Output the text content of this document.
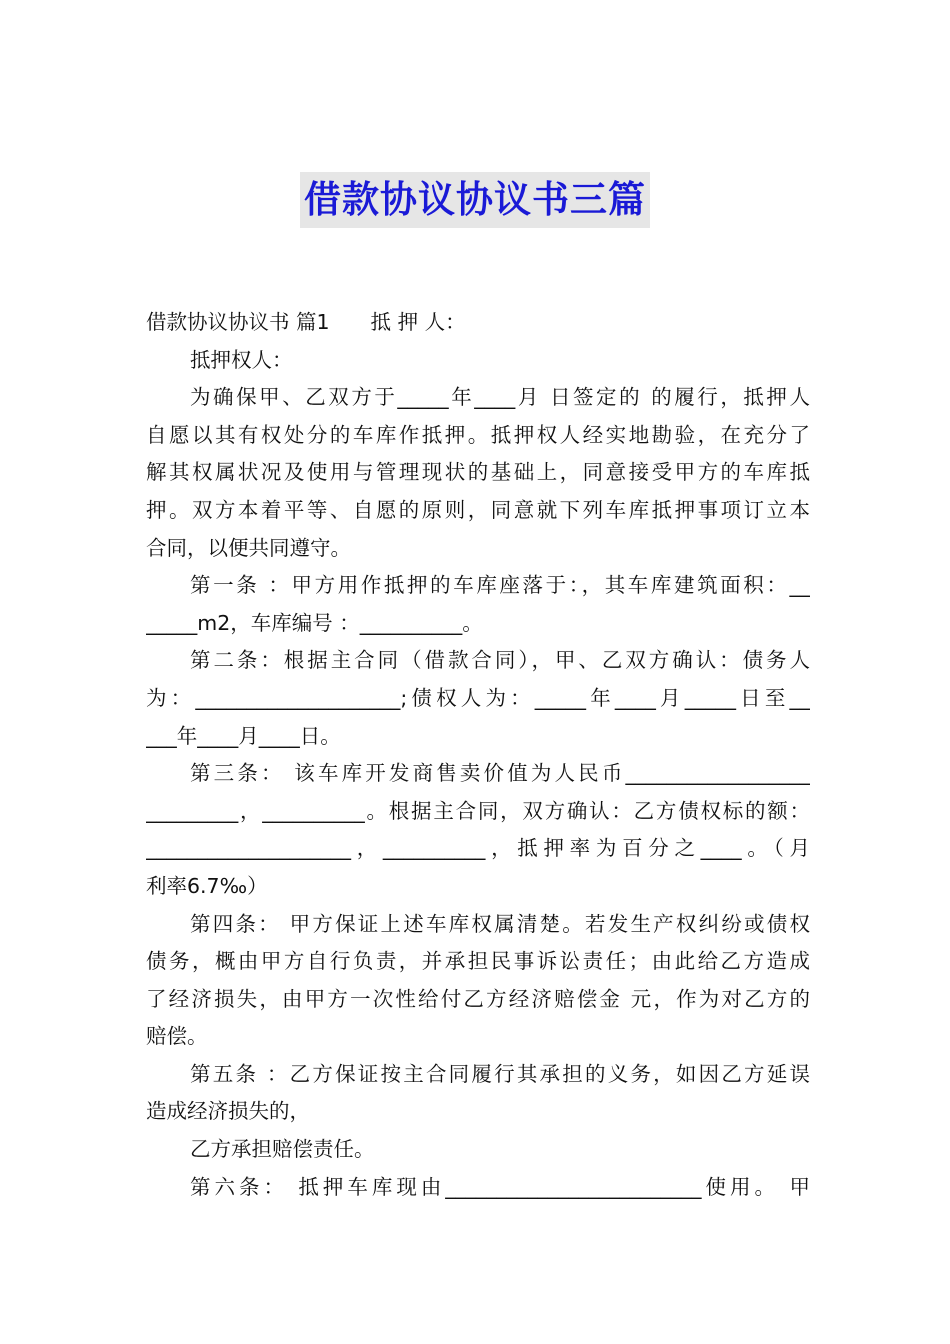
借款协议协议书三篇
借款协议协议书 篇1　　抵 押 人：
抵押权人：
为确保甲、乙双方于_____年____月 日签定的 的履行，抵押人
自愿以其有权处分的车库作抵押。抵押权人经实地勘验，在充分了
解其权属状况及使用与管理现状的基础上，同意接受甲方的车库抵
押。双方本着平等、自愿的原则，同意就下列车库抵押事项订立本
合同，以便共同遵守。
第一条 ：甲方用作抵押的车库座落于：，其车库建筑面积：__
_____m2，车库编号 ：__________。
第二条：根据主合同（借款合同），甲、乙双方确认：债务人
为：____________________;债权人为：_____年____月_____日至__
___年____月____日。
第三条： 该车库开发商售卖价值为人民币__________________
_________，__________。根据主合同，双方确认：乙方债权标的额：
____________________，__________，抵押率为百分之____。（月
利率6.7‰）
第四条： 甲方保证上述车库权属清楚。若发生产权纠纷或债权
债务，概由甲方自行负责，并承担民事诉讼责任；由此给乙方造成
了经济损失，由甲方一次性给付乙方经济赔偿金 元，作为对乙方的
赔偿。
第五条 ：乙方保证按主合同履行其承担的义务，如因乙方延误
造成经济损失的，
乙方承担赔偿责任。
第六条： 抵押车库现由_________________________使用。 甲
